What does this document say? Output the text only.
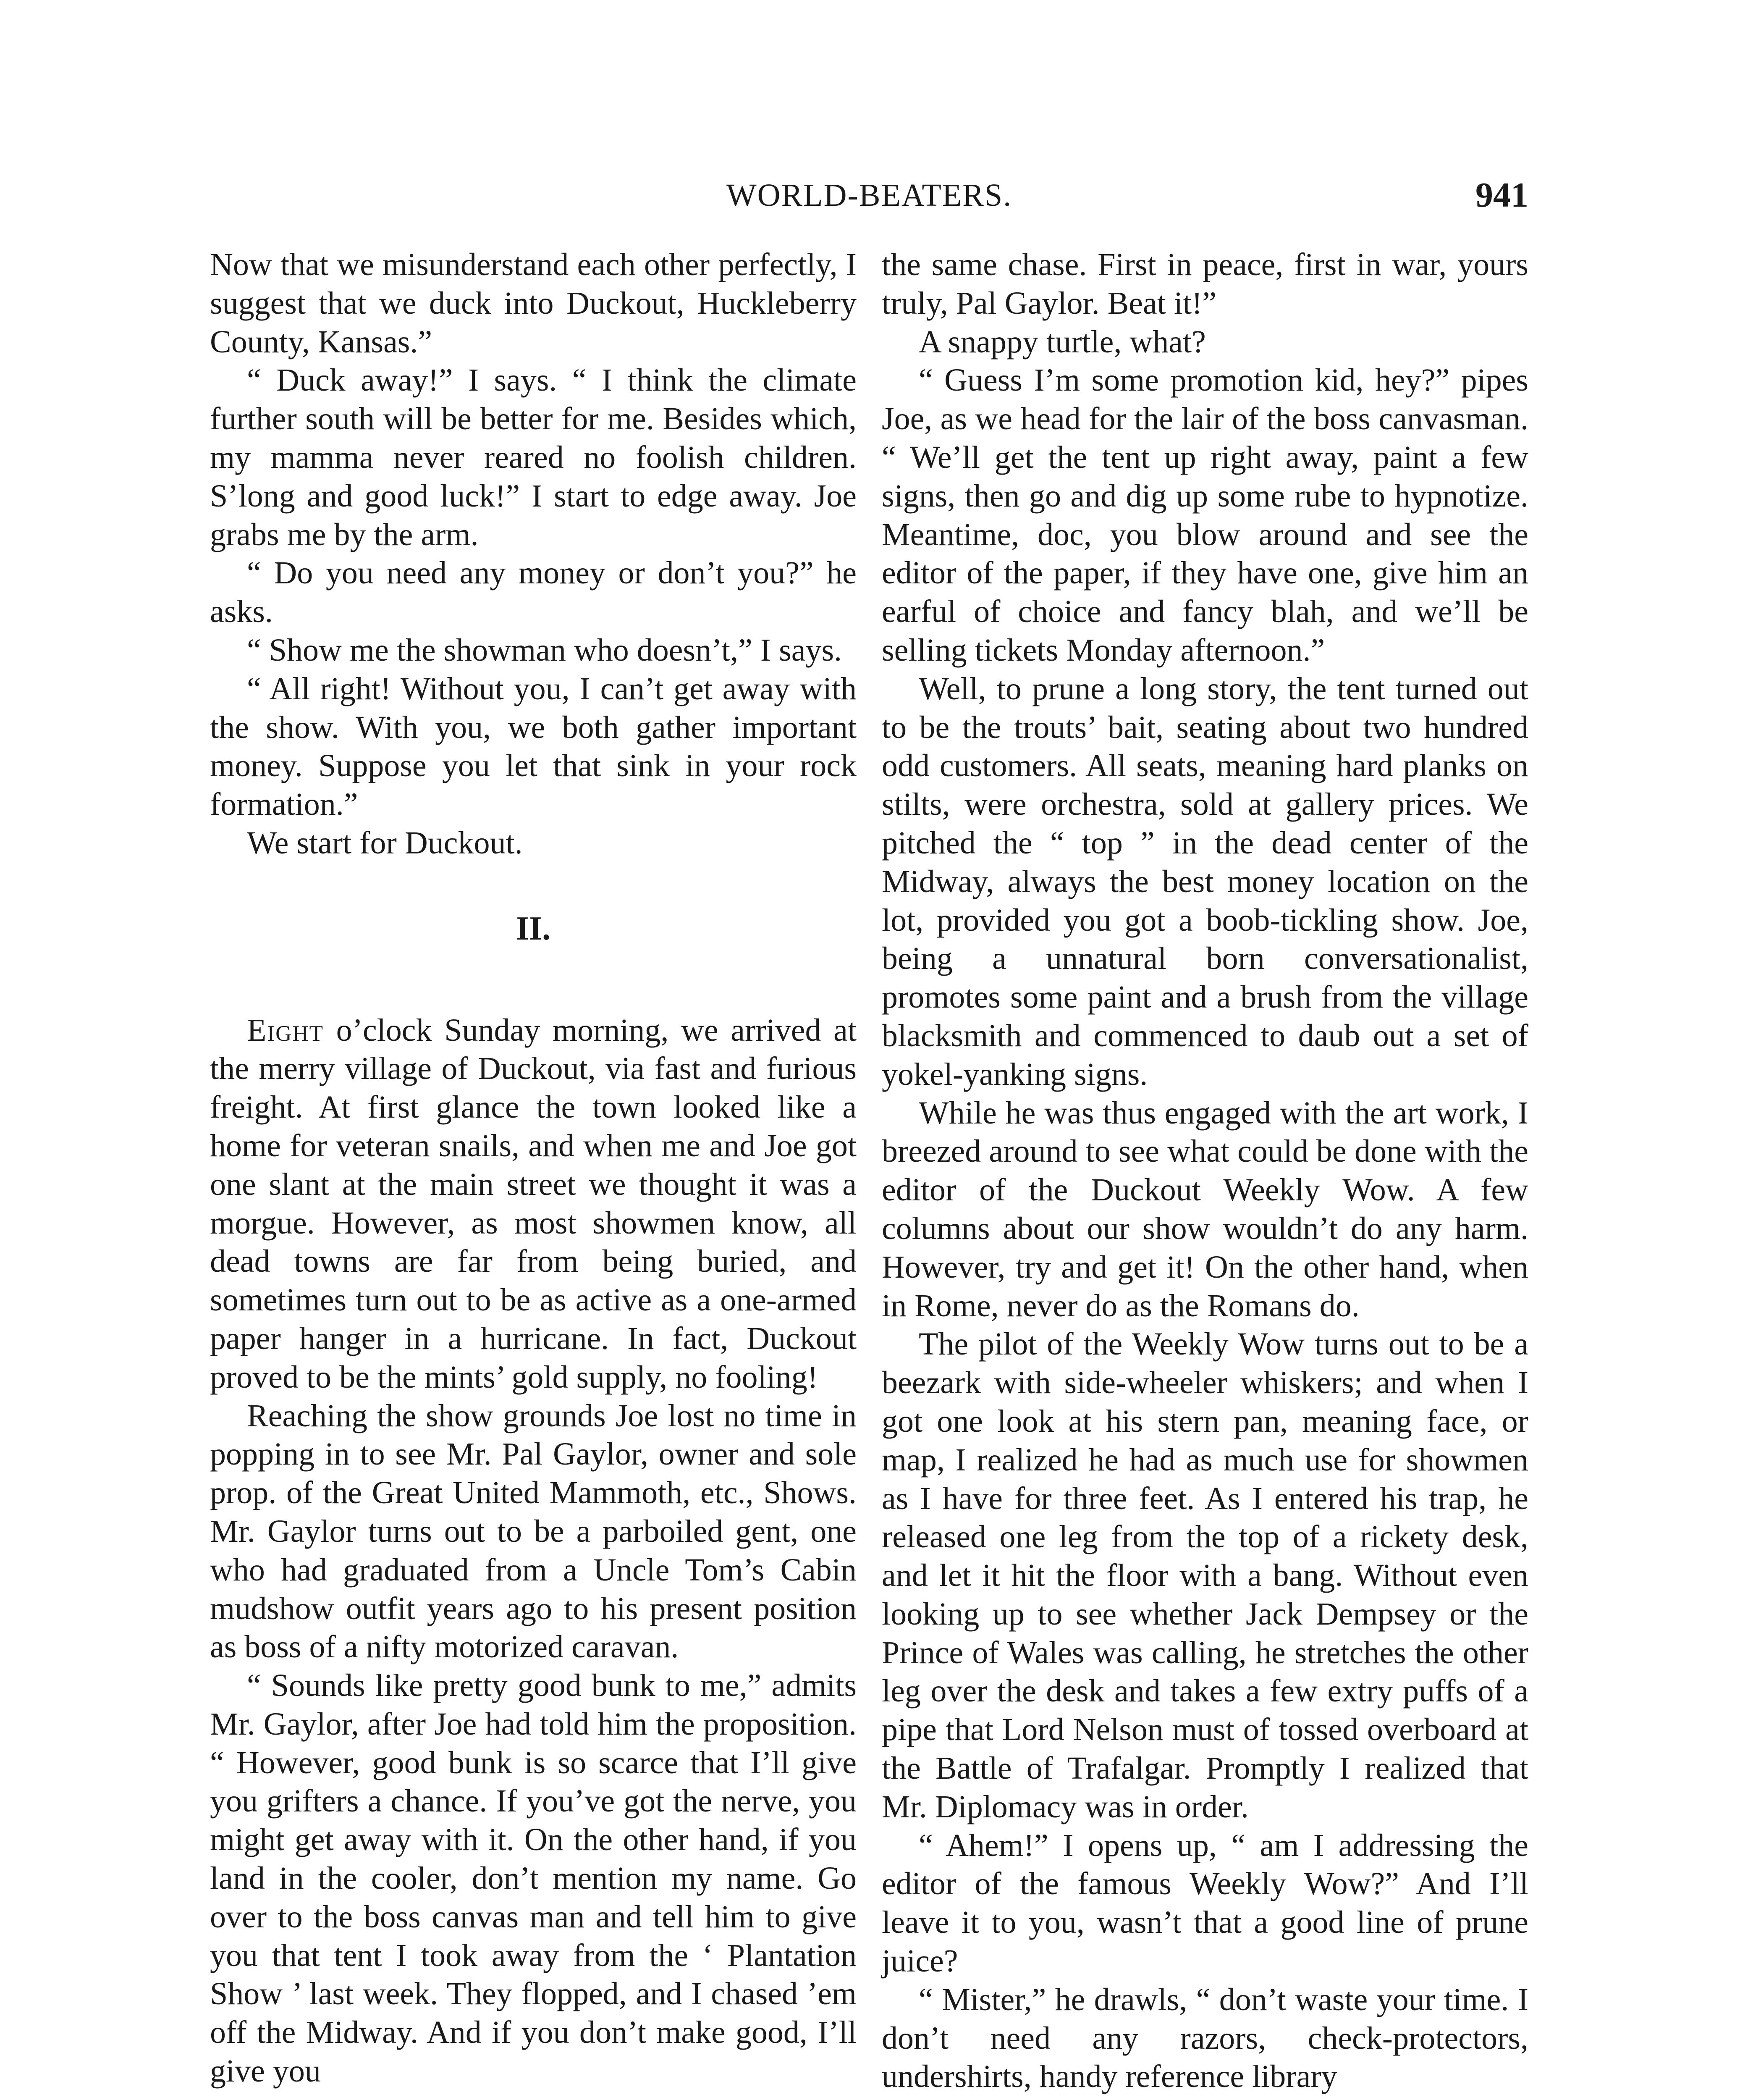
WORLD-BEATERS.	941

Now that we misunderstand each other perfectly, I suggest that we duck into Duckout, Huckleberry County, Kansas.”

“ Duck away!” I says. “ I think the climate further south will be better for me. Besides which, my mamma never reared no foolish children. S’long and good luck!” I start to edge away. Joe grabs me by the arm.

“ Do you need any money or don’t you?” he asks.

“ Show me the showman who doesn’t,” I says.

“ All right! Without you, I can’t get away with the show. With you, we both gather important money. Suppose you let that sink in your rock formation.”

We start for Duckout.

II.

Eight o’clock Sunday morning, we arrived at the merry village of Duckout, via fast and furious freight. At first glance the town looked like a home for veteran snails, and when me and Joe got one slant at the main street we thought it was a morgue. However, as most showmen know, all dead towns are far from being buried, and sometimes turn out to be as active as a one-armed paper hanger in a hurricane. In fact, Duckout proved to be the mints’ gold supply, no fooling!

Reaching the show grounds Joe lost no time in popping in to see Mr. Pal Gaylor, owner and sole prop. of the Great United Mammoth, etc., Shows. Mr. Gaylor turns out to be a parboiled gent, one who had graduated from a Uncle Tom’s Cabin mudshow outfit years ago to his present position as boss of a nifty motorized caravan.

“ Sounds like pretty good bunk to me,” admits Mr. Gaylor, after Joe had told him the proposition. “ However, good bunk is so scarce that I’ll give you grifters a chance. If you’ve got the nerve, you might get away with it. On the other hand, if you land in the cooler, don’t mention my name. Go over to the boss canvas man and tell him to give you that tent I took away from the ‘ Plantation Show ’ last week. They flopped, and I chased ’em off the Midway. And if you don’t make good, I’ll give you

the same chase. First in peace, first in war, yours truly, Pal Gaylor. Beat it!”

A snappy turtle, what?

“ Guess I’m some promotion kid, hey?” pipes Joe, as we head for the lair of the boss canvasman. “ We’ll get the tent up right away, paint a few signs, then go and dig up some rube to hypnotize. Meantime, doc, you blow around and see the editor of the paper, if they have one, give him an earful of choice and fancy blah, and we’ll be selling tickets Monday afternoon.”

Well, to prune a long story, the tent turned out to be the trouts’ bait, seating about two hundred odd customers. All seats, meaning hard planks on stilts, were orchestra, sold at gallery prices. We pitched the “ top ” in the dead center of the Midway, always the best money location on the lot, provided you got a boob-tickling show. Joe, being a unnatural born conversationalist, promotes some paint and a brush from the village blacksmith and commenced to daub out a set of yokel-yanking signs.

While he was thus engaged with the art work, I breezed around to see what could be done with the editor of the Duckout Weekly Wow. A few columns about our show wouldn’t do any harm. However, try and get it! On the other hand, when in Rome, never do as the Romans do.

The pilot of the Weekly Wow turns out to be a beezark with side-wheeler whiskers; and when I got one look at his stern pan, meaning face, or map, I realized he had as much use for showmen as I have for three feet. As I entered his trap, he released one leg from the top of a rickety desk, and let it hit the floor with a bang. Without even looking up to see whether Jack Dempsey or the Prince of Wales was calling, he stretches the other leg over the desk and takes a few extry puffs of a pipe that Lord Nelson must of tossed overboard at the Battle of Trafalgar. Promptly I realized that Mr. Diplomacy was in order.

“ Ahem!” I opens up, “ am I addressing the editor of the famous Weekly Wow?” And I’ll leave it to you, wasn’t that a good line of prune juice?

“ Mister,” he drawls, “ don’t waste your time. I don’t need any razors, check-protectors, undershirts, handy reference library
